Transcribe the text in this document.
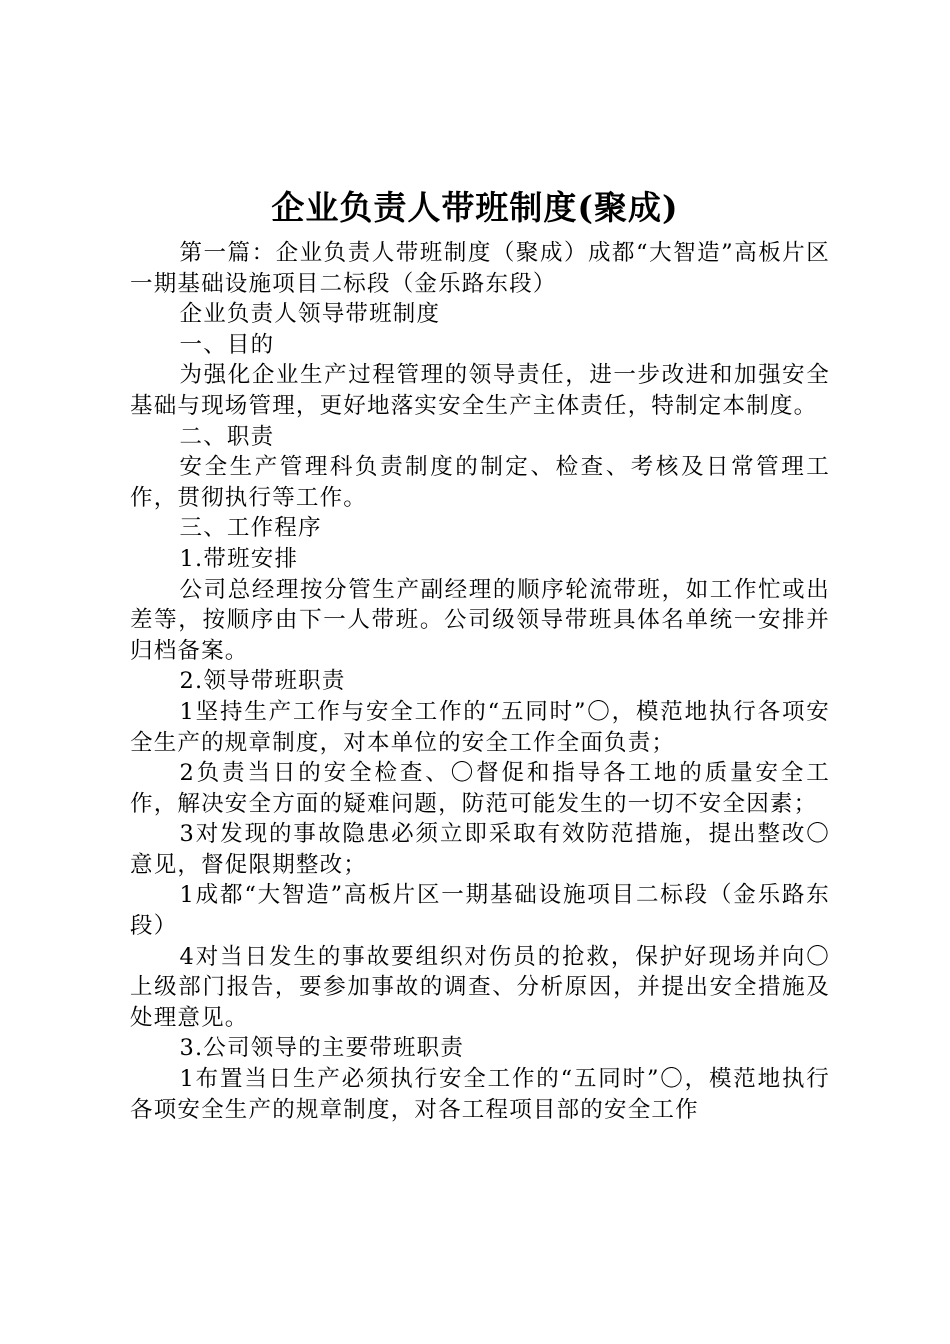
企业负责人带班制度(聚成)

第一篇：企业负责人带班制度（聚成）成都“大智造”高板片区一期基础设施项目二标段（金乐路东段）

企业负责人领导带班制度

一、目的

为强化企业生产过程管理的领导责任，进一步改进和加强安全基础与现场管理，更好地落实安全生产主体责任，特制定本制度。

二、职责

安全生产管理科负责制度的制定、检查、考核及日常管理工作，贯彻执行等工作。

三、工作程序

1.带班安排

公司总经理按分管生产副经理的顺序轮流带班，如工作忙或出差等，按顺序由下一人带班。公司级领导带班具体名单统一安排并归档备案。

2.领导带班职责

1坚持生产工作与安全工作的“五同时”〇，模范地执行各项安全生产的规章制度，对本单位的安全工作全面负责；

2负责当日的安全检查、〇督促和指导各工地的质量安全工作，解决安全方面的疑难问题，防范可能发生的一切不安全因素；

3对发现的事故隐患必须立即采取有效防范措施，提出整改〇意见，督促限期整改；

1成都“大智造”高板片区一期基础设施项目二标段（金乐路东段）

4对当日发生的事故要组织对伤员的抢救，保护好现场并向〇上级部门报告，要参加事故的调查、分析原因，并提出安全措施及处理意见。

3.公司领导的主要带班职责

1布置当日生产必须执行安全工作的“五同时”〇，模范地执行各项安全生产的规章制度，对各工程项目部的安全工作
